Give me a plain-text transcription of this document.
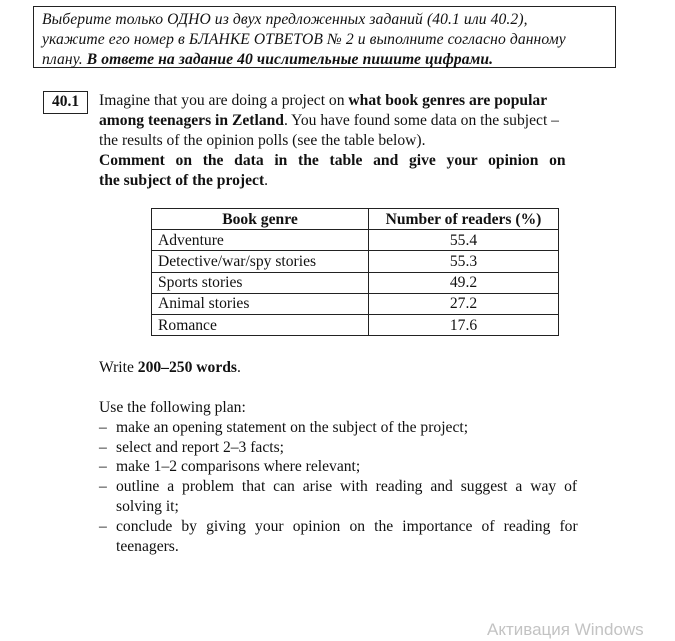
Выберите только ОДНО из двух предложенных заданий (40.1 или 40.2),
укажите его номер в БЛАНКЕ ОТВЕТОВ № 2 и выполните согласно данному
плану. В ответе на задание 40 числительные пишите цифрами.
40.1	Imagine that you are doing a project on what book genres are popular
among teenagers in Zetland. You have found some data on the subject –
the results of the opinion polls (see the table below).
Comment on the data in the table and give your opinion on
the subject of the project.
Book genre	Number of readers (%)
Adventure	55.4
Detective/war/spy stories	55.3
Sports stories	49.2
Animal stories	27.2
Romance	17.6
Write 200–250 words.
Use the following plan:
– make an opening statement on the subject of the project;
– select and report 2–3 facts;
– make 1–2 comparisons where relevant;
– outline a problem that can arise with reading and suggest a way of
solving it;
– conclude by giving your opinion on the importance of reading for
teenagers.
Активация Windows
